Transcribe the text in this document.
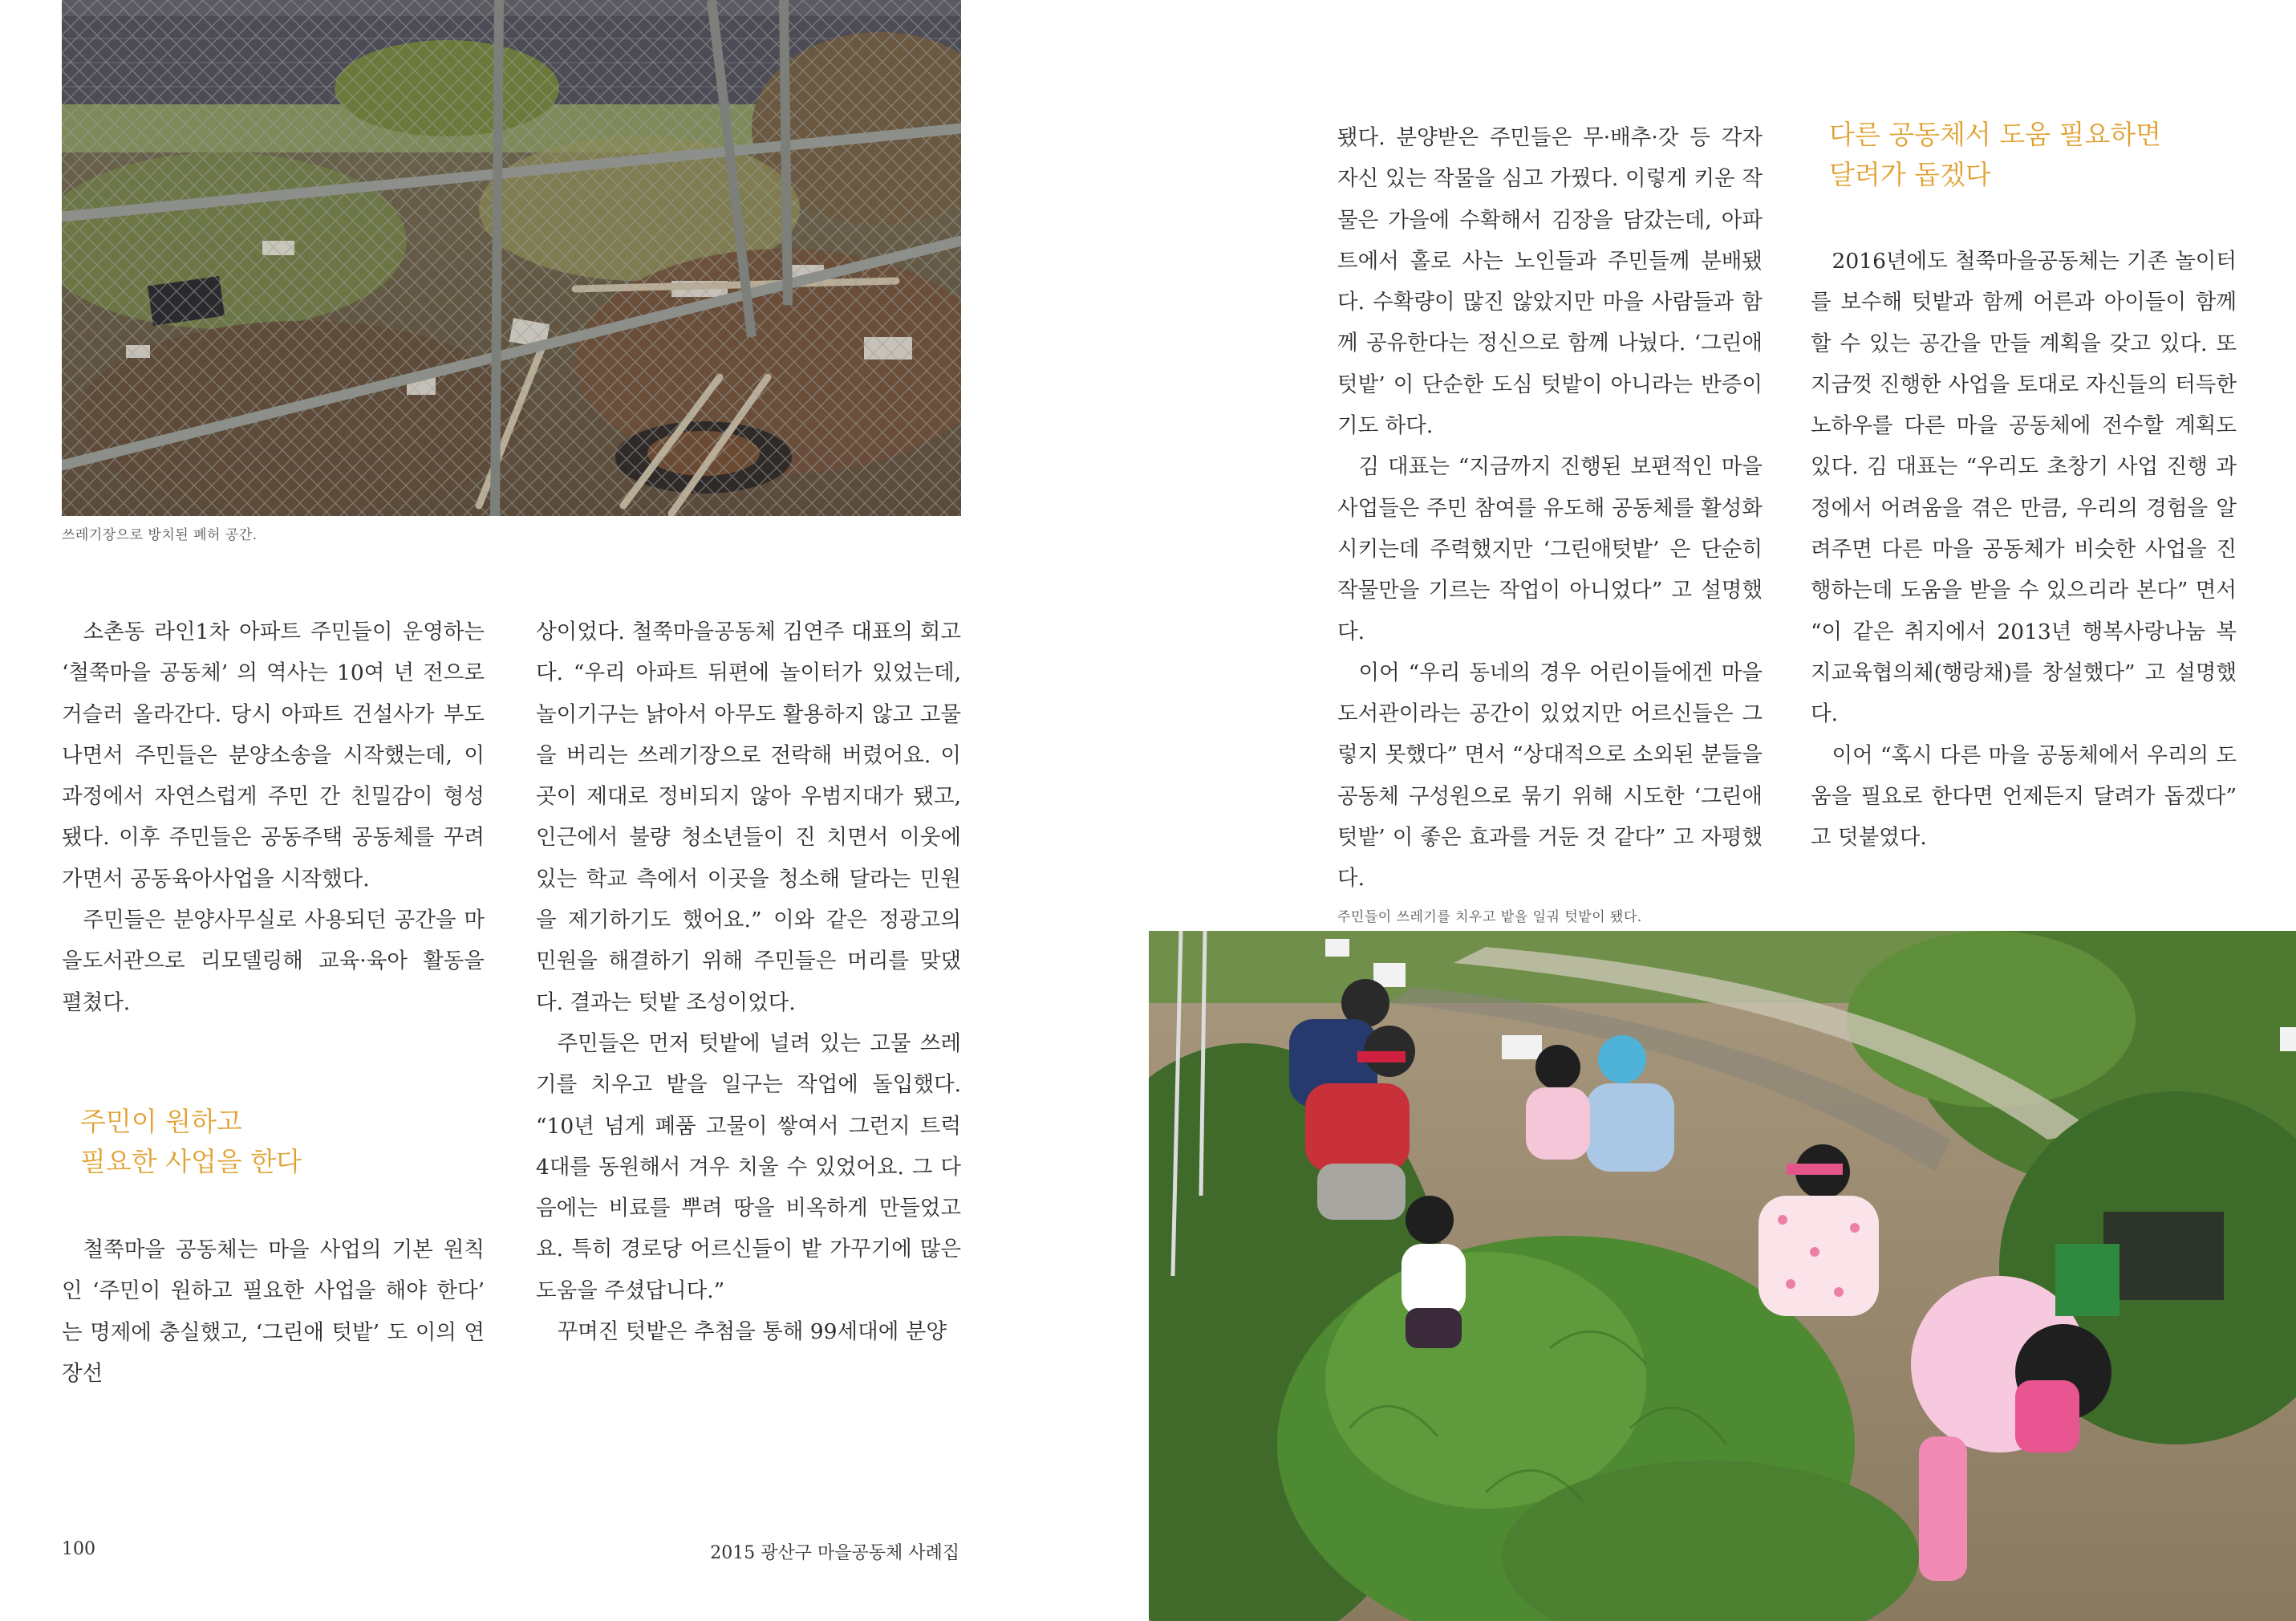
쓰레기장으로 방치된 폐허 공간.

소촌동 라인1차 아파트 주민들이 운영하는 ‘철쭉마을 공동체’ 의 역사는 10여 년 전으로 거슬러 올라간다. 당시 아파트 건설사가 부도나면서 주민들은 분양소송을 시작했는데, 이 과정에서 자연스럽게 주민 간 친밀감이 형성됐다. 이후 주민들은 공동주택 공동체를 꾸려가면서 공동육아사업을 시작했다.

주민들은 분양사무실로 사용되던 공간을 마을도서관으로 리모델링해 교육·육아 활동을 펼쳤다.

주민이 원하고
필요한 사업을 한다

철쭉마을 공동체는 마을 사업의 기본 원칙인 ‘주민이 원하고 필요한 사업을 해야 한다’ 는 명제에 충실했고, ‘그린애 텃밭’ 도 이의 연장선

상이었다. 철쭉마을공동체 김연주 대표의 회고다. “우리 아파트 뒤편에 놀이터가 있었는데, 놀이기구는 낡아서 아무도 활용하지 않고 고물을 버리는 쓰레기장으로 전락해 버렸어요. 이곳이 제대로 정비되지 않아 우범지대가 됐고, 인근에서 불량 청소년들이 진 치면서 이웃에 있는 학교 측에서 이곳을 청소해 달라는 민원을 제기하기도 했어요.” 이와 같은 정광고의 민원을 해결하기 위해 주민들은 머리를 맞댔다. 결과는 텃밭 조성이었다.

주민들은 먼저 텃밭에 널려 있는 고물 쓰레기를 치우고 밭을 일구는 작업에 돌입했다. “10년 넘게 폐품 고물이 쌓여서 그런지 트럭 4대를 동원해서 겨우 치울 수 있었어요. 그 다음에는 비료를 뿌려 땅을 비옥하게 만들었고요. 특히 경로당 어르신들이 밭 가꾸기에 많은 도움을 주셨답니다.”

꾸며진 텃밭은 추첨을 통해 99세대에 분양

100	2015 광산구 마을공동체 사례집

됐다. 분양받은 주민들은 무·배추·갓 등 각자 자신 있는 작물을 심고 가꿨다. 이렇게 키운 작물은 가을에 수확해서 김장을 담갔는데, 아파트에서 홀로 사는 노인들과 주민들께 분배됐다. 수확량이 많진 않았지만 마을 사람들과 함께 공유한다는 정신으로 함께 나눴다. ‘그린애 텃밭’ 이 단순한 도심 텃밭이 아니라는 반증이기도 하다.

김 대표는 “지금까지 진행된 보편적인 마을사업들은 주민 참여를 유도해 공동체를 활성화시키는데 주력했지만 ‘그린애텃밭’ 은 단순히 작물만을 기르는 작업이 아니었다” 고 설명했다.

이어 “우리 동네의 경우 어린이들에겐 마을도서관이라는 공간이 있었지만 어르신들은 그렇지 못했다” 면서 “상대적으로 소외된 분들을 공동체 구성원으로 묶기 위해 시도한 ‘그린애 텃밭’ 이 좋은 효과를 거둔 것 같다” 고 자평했다.

다른 공동체서 도움 필요하면
달려가 돕겠다

2016년에도 철쭉마을공동체는 기존 놀이터를 보수해 텃밭과 함께 어른과 아이들이 함께 할 수 있는 공간을 만들 계획을 갖고 있다. 또 지금껏 진행한 사업을 토대로 자신들의 터득한 노하우를 다른 마을 공동체에 전수할 계획도 있다. 김 대표는 “우리도 초창기 사업 진행 과정에서 어려움을 겪은 만큼, 우리의 경험을 알려주면 다른 마을 공동체가 비슷한 사업을 진행하는데 도움을 받을 수 있으리라 본다” 면서 “이 같은 취지에서 2013년 행복사랑나눔 복지교육협의체(행랑채)를 창설했다” 고 설명했다.

이어 “혹시 다른 마을 공동체에서 우리의 도움을 필요로 한다면 언제든지 달려가 돕겠다” 고 덧붙였다.

주민들이 쓰레기를 치우고 밭을 일궈 텃밭이 됐다.
